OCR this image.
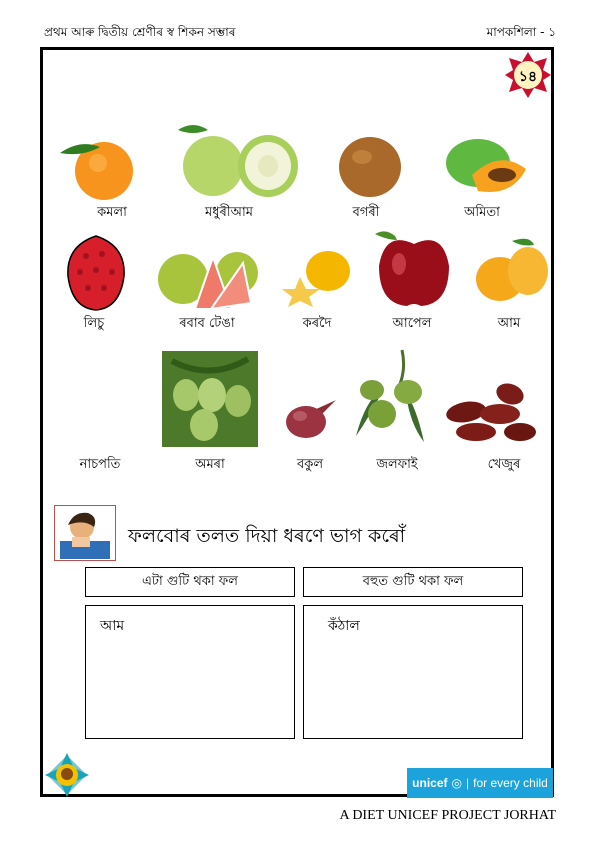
প্ৰথম আৰু দ্বিতীয় শ্ৰেণীৰ স্ব শিকন সম্ভাৰ	মাপকশিলা - ১
১৪
কমলা	মধুৰীআম	বগৰী	অমিতা
লিচু	ৰবাব টেঙা	কৰদৈ	আপেল	আম
নাচপতি	অমৰা	বকুল	জলফাই	খেজুৰ
ফলবোৰ তলত দিয়া ধৰণে ভাগ কৰোঁ
এটা গুটি থকা ফল	বহুত গুটি থকা ফল
আম	কঁঠাল
unicef ◎ | for every child
A DIET UNICEF PROJECT JORHAT
